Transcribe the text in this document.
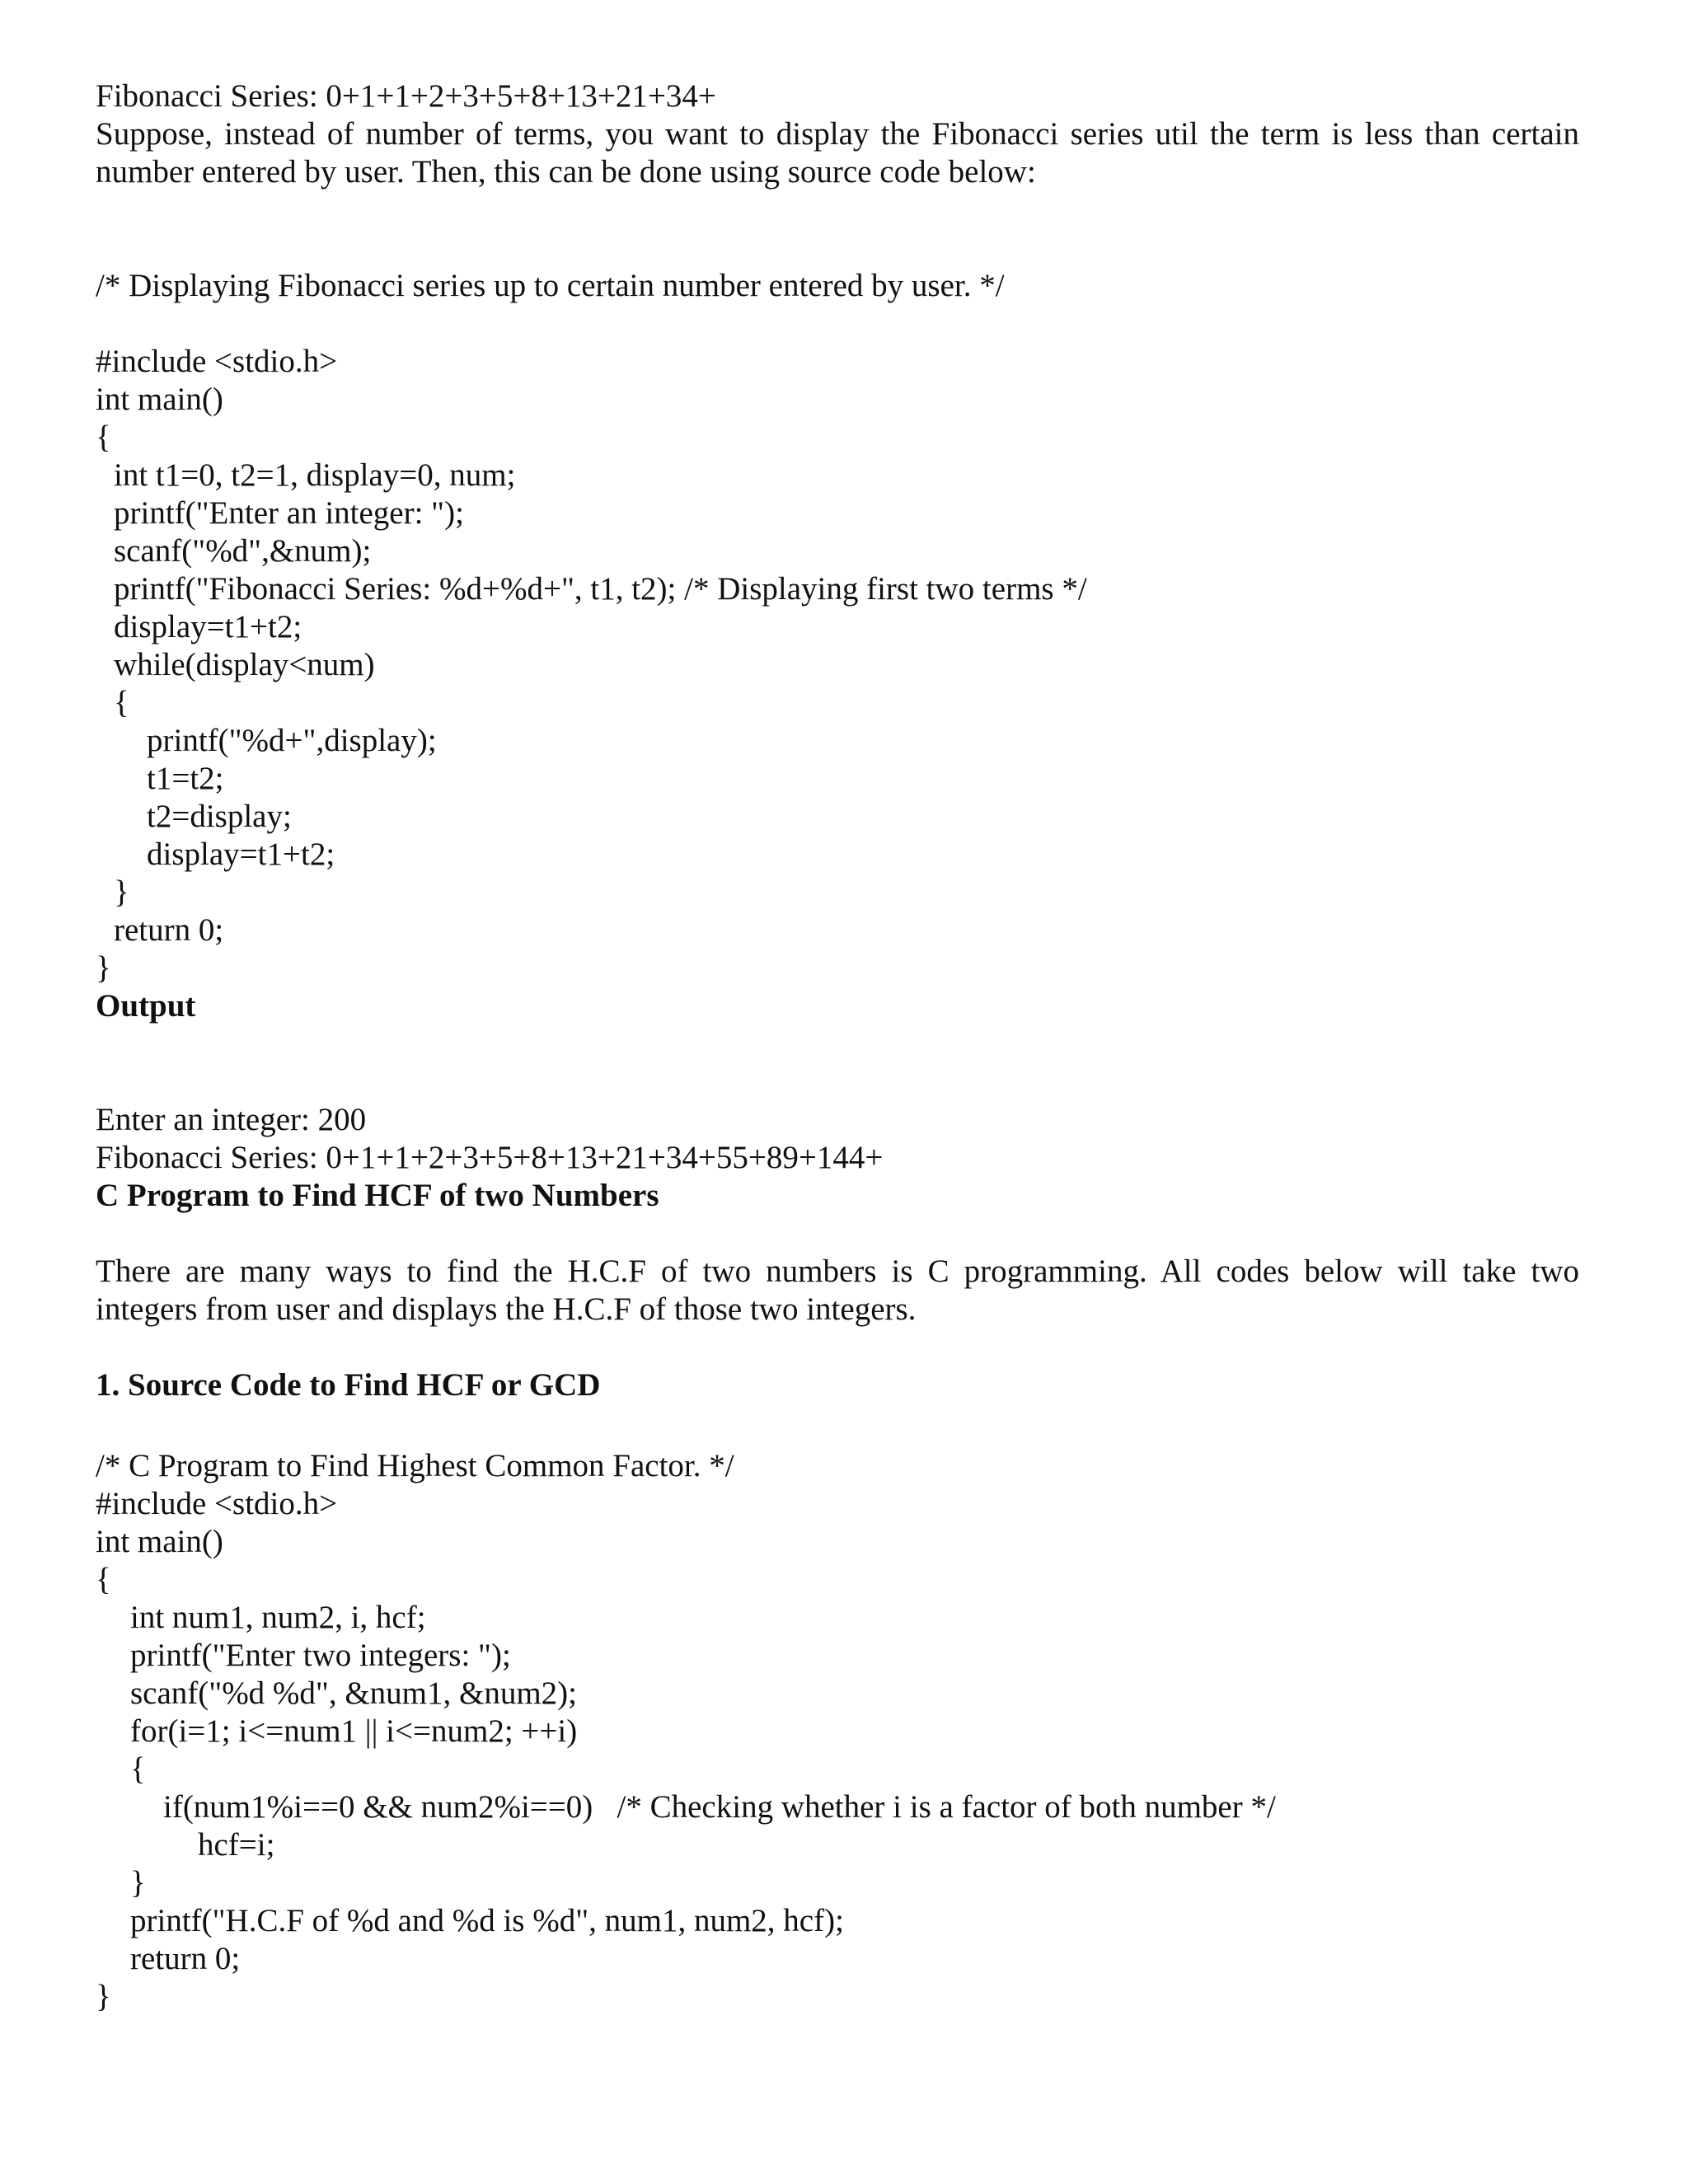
Fibonacci Series: 0+1+1+2+3+5+8+13+21+34+
Suppose, instead of number of terms, you want to display the Fibonacci series util the term is less than certain
number entered by user. Then, this can be done using source code below:
/* Displaying Fibonacci series up to certain number entered by user. */
#include <stdio.h>
int main()
{
int t1=0, t2=1, display=0, num;
printf("Enter an integer: ");
scanf("%d",&num);
printf("Fibonacci Series: %d+%d+", t1, t2); /* Displaying first two terms */
display=t1+t2;
while(display<num)
{
printf("%d+",display);
t1=t2;
t2=display;
display=t1+t2;
}
return 0;
}
Output
Enter an integer: 200
Fibonacci Series: 0+1+1+2+3+5+8+13+21+34+55+89+144+
C Program to Find HCF of two Numbers
There are many ways to find the H.C.F of two numbers is C programming. All codes below will take two
integers from user and displays the H.C.F of those two integers.
1. Source Code to Find HCF or GCD
/* C Program to Find Highest Common Factor. */
#include <stdio.h>
int main()
{
int num1, num2, i, hcf;
printf("Enter two integers: ");
scanf("%d %d", &num1, &num2);
for(i=1; i<=num1 || i<=num2; ++i)
{
if(num1%i==0 && num2%i==0)   /* Checking whether i is a factor of both number */
hcf=i;
}
printf("H.C.F of %d and %d is %d", num1, num2, hcf);
return 0;
}
